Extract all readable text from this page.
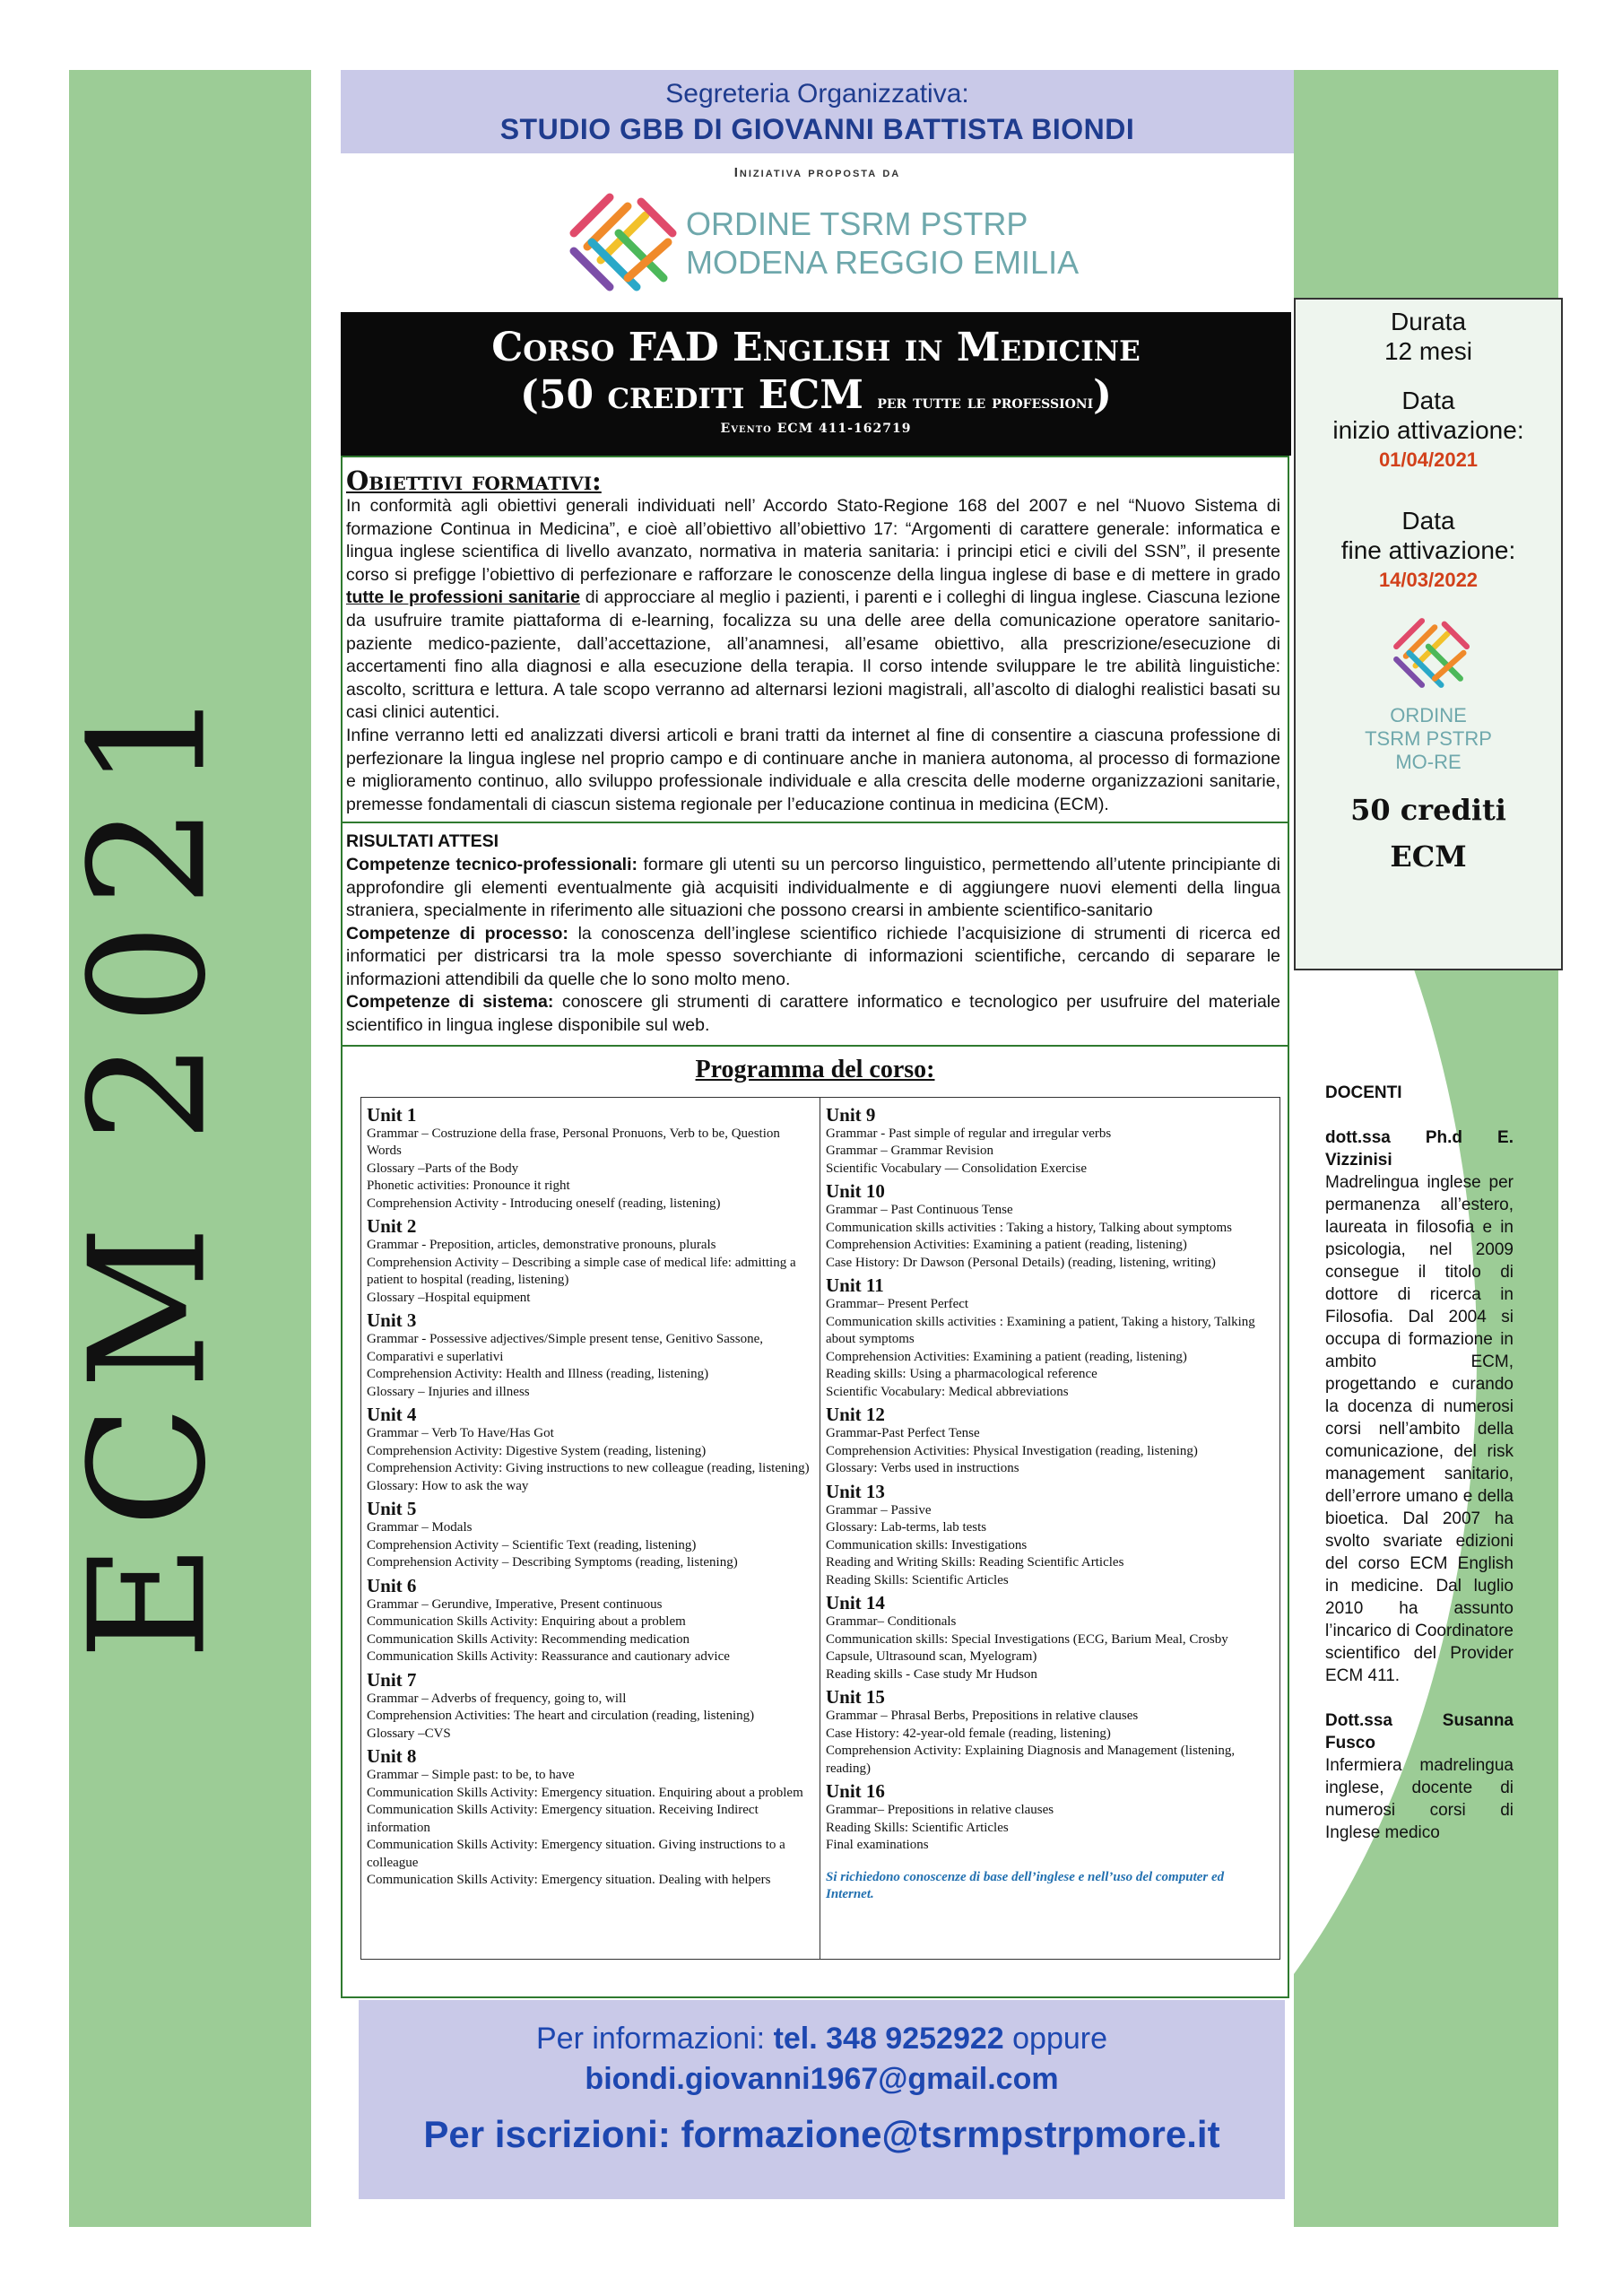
ECM 2021
Segreteria Organizzativa:
STUDIO GBB DI GIOVANNI BATTISTA BIONDI
Iniziativa proposta da
ORDINE TSRM PSTRP
MODENA REGGIO EMILIA
Corso FAD English in Medicine
(50 crediti ECM per tutte le professioni)
Evento ECM 411-162719
Durata
12 mesi
Data
inizio attivazione:
01/04/2021
Data
fine attivazione:
14/03/2022
ORDINE
TSRM PSTRP
MO-RE
50 crediti
ECM
Obiettivi formativi:

In conformità agli obiettivi generali individuati nell’ Accordo Stato-Regione 168 del 2007 e nel “Nuovo Sistema di formazione Continua in Medicina”, e cioè all’obiettivo all’obiettivo 17: “Argomenti di carattere generale: informatica e lingua inglese scientifica di livello avanzato, normativa in materia sanitaria: i principi etici e civili del SSN”, il presente corso si prefigge l’obiettivo di perfezionare e rafforzare le conoscenze della lingua inglese di base e di mettere in grado tutte le professioni sanitarie di approcciare al meglio i pazienti, i parenti e i colleghi di lingua inglese. Ciascuna lezione da usufruire tramite piattaforma di e-learning, focalizza su una delle aree della comunicazione operatore sanitario-paziente medico-paziente, dall’accettazione, all’anamnesi, all’esame obiettivo, alla prescrizione/esecuzione di accertamenti fino alla diagnosi e alla esecuzione della terapia. Il corso intende sviluppare le tre abilità linguistiche: ascolto, scrittura e lettura. A tale scopo verranno ad alternarsi lezioni magistrali, all’ascolto di dialoghi realistici basati su casi clinici autentici.

Infine verranno letti ed analizzati diversi articoli e brani tratti da internet al fine di consentire a ciascuna professione di perfezionare la lingua inglese nel proprio campo e di continuare anche in maniera autonoma, al processo di formazione e miglioramento continuo, allo sviluppo professionale individuale e alla crescita delle moderne organizzazioni sanitarie, premesse fondamentali di ciascun sistema regionale per l’educazione continua in medicina (ECM).

RISULTATI ATTESI

Competenze tecnico-professionali: formare gli utenti su un percorso linguistico, permettendo all’utente principiante di approfondire gli elementi eventualmente già acquisiti individualmente e di aggiungere nuovi elementi della lingua straniera, specialmente in riferimento alle situazioni che possono crearsi in ambiente scientifico-sanitario

Competenze di processo: la conoscenza dell’inglese scientifico richiede l’acquisizione di strumenti di ricerca ed informatici per districarsi tra la mole spesso soverchiante di informazioni scientifiche, cercando di separare le informazioni attendibili da quelle che lo sono molto meno.

Competenze di sistema: conoscere gli strumenti di carattere informatico e tecnologico per usufruire del materiale scientifico in lingua inglese disponibile sul web.

Programma del corso:
Unit 1
Grammar – Costruzione della frase, Personal Pronuons, Verb to be, Question Words
Glossary –Parts of the Body
Phonetic activities: Pronounce it right
Comprehension Activity - Introducing oneself (reading, listening)
Unit 2
Grammar - Preposition, articles, demonstrative pronouns, plurals
Comprehension Activity – Describing a simple case of medical life: admitting a patient to hospital (reading, listening)
Glossary –Hospital equipment
Unit 3
Grammar - Possessive adjectives/Simple present tense, Genitivo Sassone, Comparativi e superlativi
Comprehension Activity: Health and Illness (reading, listening)
Glossary – Injuries and illness
Unit 4
Grammar – Verb To Have/Has Got
Comprehension Activity: Digestive System (reading, listening)
Comprehension Activity: Giving instructions to new colleague (reading, listening)
Glossary: How to ask the way
Unit 5
Grammar – Modals
Comprehension Activity – Scientific Text (reading, listening)
Comprehension Activity – Describing Symptoms (reading, listening)
Unit 6
Grammar – Gerundive, Imperative, Present continuous
Communication Skills Activity: Enquiring about a problem
Communication Skills Activity: Recommending medication
Communication Skills Activity: Reassurance and cautionary advice
Unit 7
Grammar – Adverbs of frequency, going to, will
Comprehension Activities: The heart and circulation (reading, listening)
Glossary –CVS
Unit 8
Grammar – Simple past: to be, to have
Communication Skills Activity: Emergency situation. Enquiring about a problem
Communication Skills Activity: Emergency situation. Receiving Indirect information
Communication Skills Activity: Emergency situation. Giving instructions to a colleague
Communication Skills Activity: Emergency situation. Dealing with helpers
Unit 9
Grammar - Past simple of regular and irregular verbs
Grammar – Grammar Revision
Scientific Vocabulary — Consolidation Exercise
Unit 10
Grammar – Past Continuous Tense
Communication skills activities : Taking a history, Talking about symptoms
Comprehension Activities: Examining a patient (reading, listening)
Case History: Dr Dawson (Personal Details) (reading, listening, writing)
Unit 11
Grammar– Present Perfect
Communication skills activities : Examining a patient, Taking a history, Talking about symptoms
Comprehension Activities: Examining a patient (reading, listening)
Reading skills: Using a pharmacological reference
Scientific Vocabulary: Medical abbreviations
Unit 12
Grammar-Past Perfect Tense
Comprehension Activities: Physical Investigation (reading, listening)
Glossary: Verbs used in instructions
Unit 13
Grammar – Passive
Glossary: Lab-terms, lab tests
Communication skills: Investigations
Reading and Writing Skills: Reading Scientific Articles
Reading Skills: Scientific Articles
Unit 14
Grammar– Conditionals
Communication skills: Special Investigations (ECG, Barium Meal, Crosby Capsule, Ultrasound scan, Myelogram)
Reading skills - Case study Mr Hudson
Unit 15
Grammar – Phrasal Berbs, Prepositions in relative clauses
Case History: 42-year-old female (reading, listening)
Comprehension Activity: Explaining Diagnosis and Management (listening, reading)
Unit 16
Grammar– Prepositions in relative clauses
Reading Skills: Scientific Articles
Final examinations
Si richiedono conoscenze di base dell’inglese e nell’uso del computer ed Internet.
DOCENTI
dott.ssa Ph.d E. Vizzinisi

Madrelingua inglese per permanenza all’estero, laureata in filosofia e in psicologia, nel 2009 consegue il titolo di dottore di ricerca in Filosofia. Dal 2004 si occupa di formazione in ambito ECM, progettando e curando la docenza di numerosi corsi nell’ambito della comunicazione, del risk management sanitario, dell’errore umano e della bioetica. Dal 2007 ha svolto svariate edizioni del corso ECM English in medicine. Dal luglio 2010 ha assunto l’incarico di Coordinatore scientifico del Provider ECM 411.

Dott.ssa Susanna Fusco

Infermiera madrelingua inglese, docente di numerosi corsi di Inglese medico

Per informazioni: tel. 348 9252922 oppure
biondi.giovanni1967@gmail.com
Per iscrizioni: formazione@tsrmpstrpmore.it
